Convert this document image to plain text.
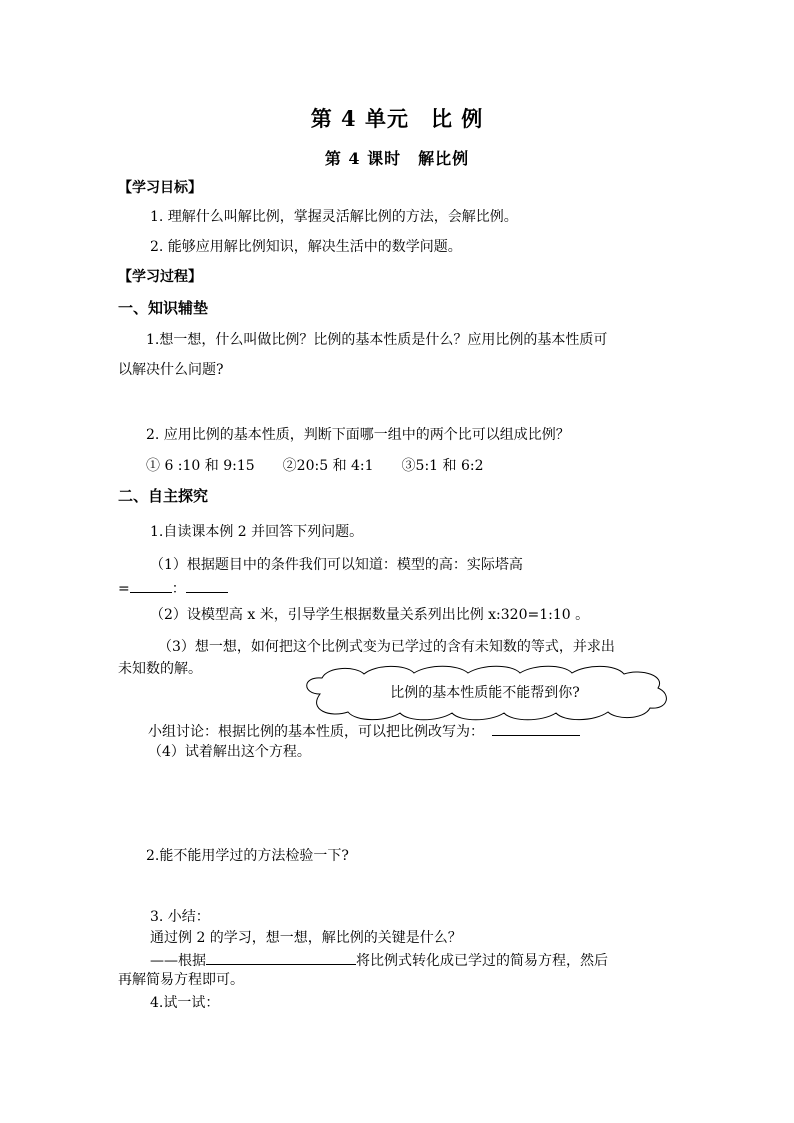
第 4 单元　比 例
第 4 课时　解比例
【学习目标】
1. 理解什么叫解比例，掌握灵活解比例的方法，会解比例。
2. 能够应用解比例知识，解决生活中的数学问题。
【学习过程】
一、知识辅垫
1.想一想，什么叫做比例？比例的基本性质是什么？应用比例的基本性质可
以解决什么问题?
2. 应用比例的基本性质，判断下面哪一组中的两个比可以组成比例？
① 6 :10 和 9:15　　②20:5 和 4:1　　③5:1 和 6:2
二、自主探究
1.自读课本例 2 并回答下列问题。
（1）根据题目中的条件我们可以知道：模型的高：实际塔高
=	：
（2）设模型高 x 米，引导学生根据数量关系列出比例 x:320=1:10 。
（3）想一想，如何把这个比例式变为已学过的含有未知数的等式，并求出
未知数的解。
比例的基本性质能不能帮到你?
小组讨论：根据比例的基本性质，可以把比例改写为：
（4）试着解出这个方程。
2.能不能用学过的方法检验一下?
3. 小结：
通过例 2 的学习，想一想，解比例的关键是什么？
——根据	将比例式转化成已学过的简易方程，然后
再解简易方程即可。
4.试一试：
